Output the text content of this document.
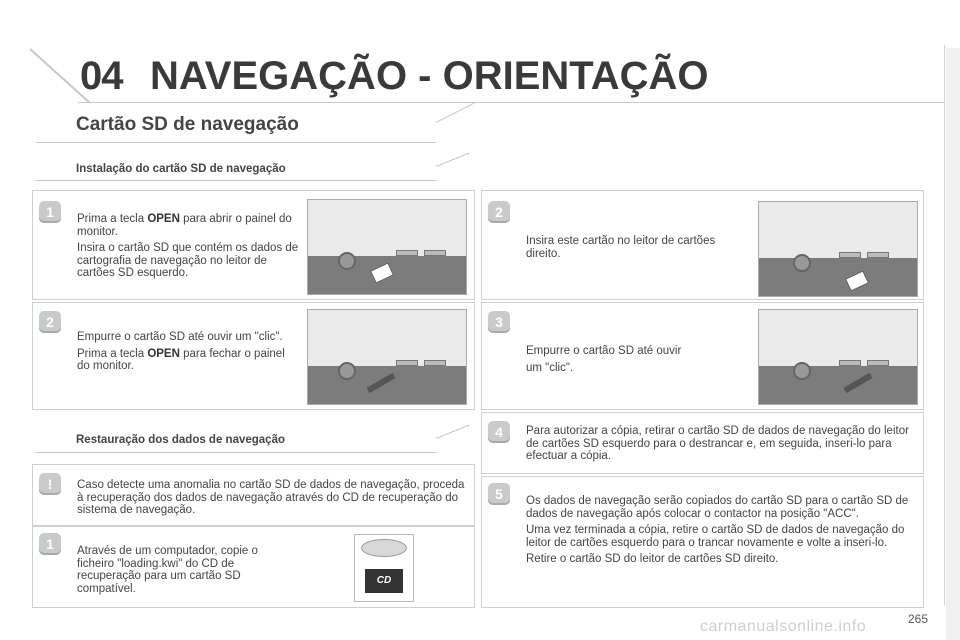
04 NAVEGAÇÃO - ORIENTAÇÃO
Cartão SD de navegação
Instalação do cartão SD de navegação
1	Prima a tecla OPEN para abrir o painel do monitor.

Insira o cartão SD que contém os dados de cartografia de navegação no leitor de cartões SD esquerdo.

2

Empurre o cartão SD até ouvir um "clic".

Prima a tecla OPEN para fechar o painel do monitor.

Restauração dos dados de navegação
!	Caso detecte uma anomalia no cartão SD de dados de navegação, proceda à recuperação dos dados de navegação através do CD de recuperação do sistema de navegação.
1	Através de um computador, copie o ficheiro "loading.kwi" do CD de recuperação para um cartão SD compatível.
CD
2
Insira este cartão no leitor de cartões direito.
3

Empurre o cartão SD até ouvir

um "clic".

4	Para autorizar a cópia, retirar o cartão SD de dados de navegação do leitor de cartões SD esquerdo para o destrancar e, em seguida, inseri-lo para efectuar a cópia.
5	Os dados de navegação serão copiados do cartão SD para o cartão SD de dados de navegação após colocar o contactor na posição "ACC".

Uma vez terminada a cópia, retire o cartão SD de dados de navegação do leitor de cartões esquerdo para o trancar novamente e volte a inseri-lo.

Retire o cartão SD do leitor de cartões SD direito.

carmanualsonline.info	265
